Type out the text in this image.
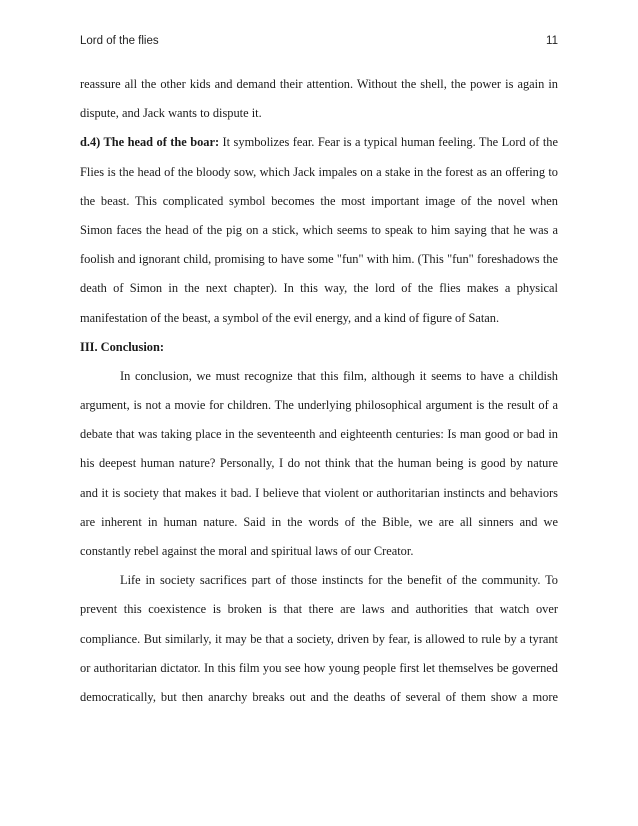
Lord of the flies	11
reassure all the other kids and demand their attention. Without the shell, the power is again in
dispute, and Jack wants to dispute it.
d.4) The head of the boar: It symbolizes fear. Fear is a typical human feeling. The Lord of the
Flies is the head of the bloody sow, which Jack impales on a stake in the forest as an offering to
the beast. This complicated symbol becomes the most important image of the novel when
Simon faces the head of the pig on a stick, which seems to speak to him saying that he was a
foolish and ignorant child, promising to have some "fun" with him. (This "fun" foreshadows the
death of Simon in the next chapter). In this way, the lord of the flies makes a physical
manifestation of the beast, a symbol of the evil energy, and a kind of figure of Satan.
III. Conclusion:
In conclusion, we must recognize that this film, although it seems to have a childish
argument, is not a movie for children. The underlying philosophical argument is the result of a
debate that was taking place in the seventeenth and eighteenth centuries: Is man good or bad in
his deepest human nature? Personally, I do not think that the human being is good by nature
and it is society that makes it bad. I believe that violent or authoritarian instincts and behaviors
are inherent in human nature. Said in the words of the Bible, we are all sinners and we
constantly rebel against the moral and spiritual laws of our Creator.
Life in society sacrifices part of those instincts for the benefit of the community. To
prevent this coexistence is broken is that there are laws and authorities that watch over
compliance. But similarly, it may be that a society, driven by fear, is allowed to rule by a tyrant
or authoritarian dictator. In this film you see how young people first let themselves be governed
democratically, but then anarchy breaks out and the deaths of several of them show a more
